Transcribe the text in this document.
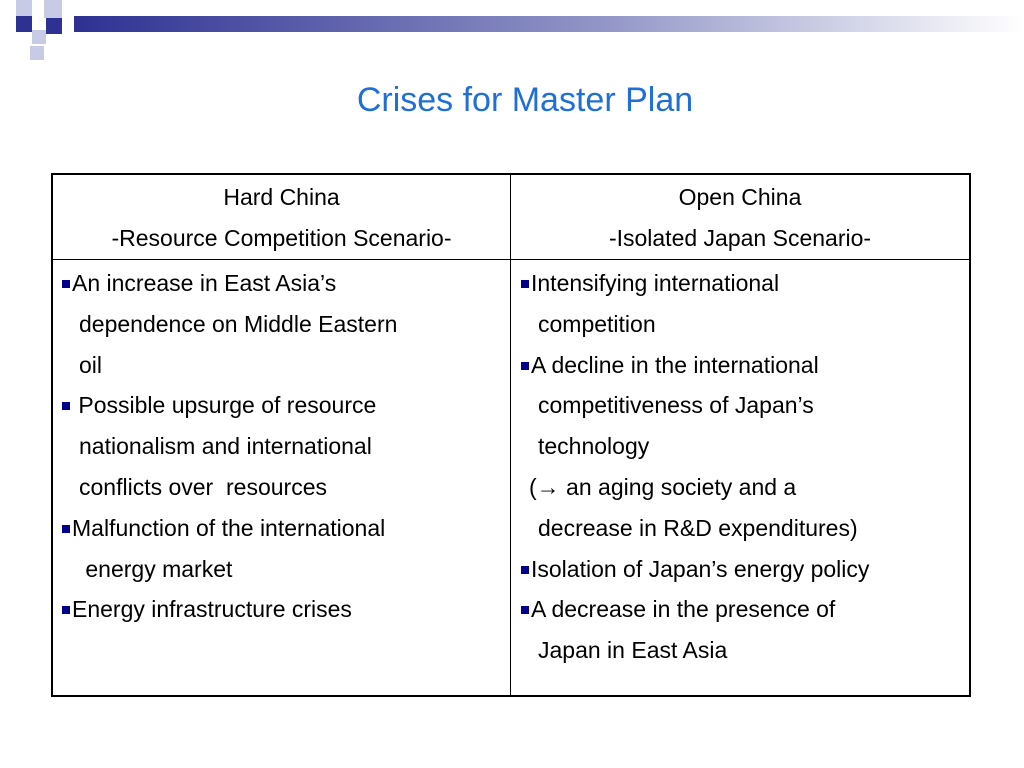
Crises for Master Plan
Hard China
-Resource Competition Scenario-
Open China
-Isolated Japan Scenario-
An increase in East Asia’s
dependence on Middle Eastern
oil
Possible upsurge of resource
nationalism and international
conflicts over  resources
Malfunction of the international
energy market
Energy infrastructure crises
Intensifying international
competition
A decline in the international
competitiveness of Japan’s
technology
(→ an aging society and a
decrease in R&D expenditures)
Isolation of Japan’s energy policy
A decrease in the presence of
Japan in East Asia
